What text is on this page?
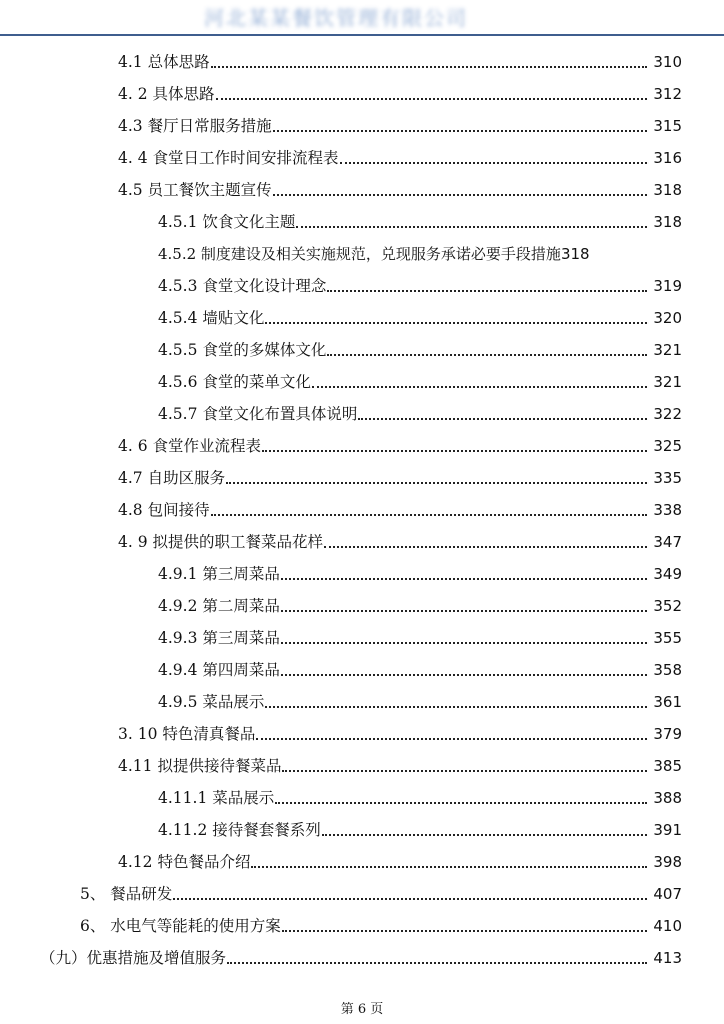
河北某某餐饮管理有限公司
4.1 总体思路	310
4. 2 具体思路	312
4.3 餐厅日常服务措施	315
4. 4 食堂日工作时间安排流程表	316
4.5 员工餐饮主题宣传	318
4.5.1 饮食文化主题	318
4.5.2 制度建设及相关实施规范，兑现服务承诺必要手段措施 318
4.5.3 食堂文化设计理念	319
4.5.4 墙贴文化	320
4.5.5 食堂的多媒体文化	321
4.5.6 食堂的菜单文化	321
4.5.7 食堂文化布置具体说明	322
4. 6 食堂作业流程表	325
4.7 自助区服务	335
4.8 包间接待	338
4. 9 拟提供的职工餐菜品花样	347
4.9.1 第三周菜品	349
4.9.2 第二周菜品	352
4.9.3 第三周菜品	355
4.9.4 第四周菜品	358
4.9.5 菜品展示	361
3. 10 特色清真餐品	379
4.11 拟提供接待餐菜品	385
4.11.1 菜品展示	388
4.11.2 接待餐套餐系列	391
4.12 特色餐品介绍	398
5、 餐品研发	407
6、 水电气等能耗的使用方案	410
（九）优惠措施及增值服务	413
第 6 页
